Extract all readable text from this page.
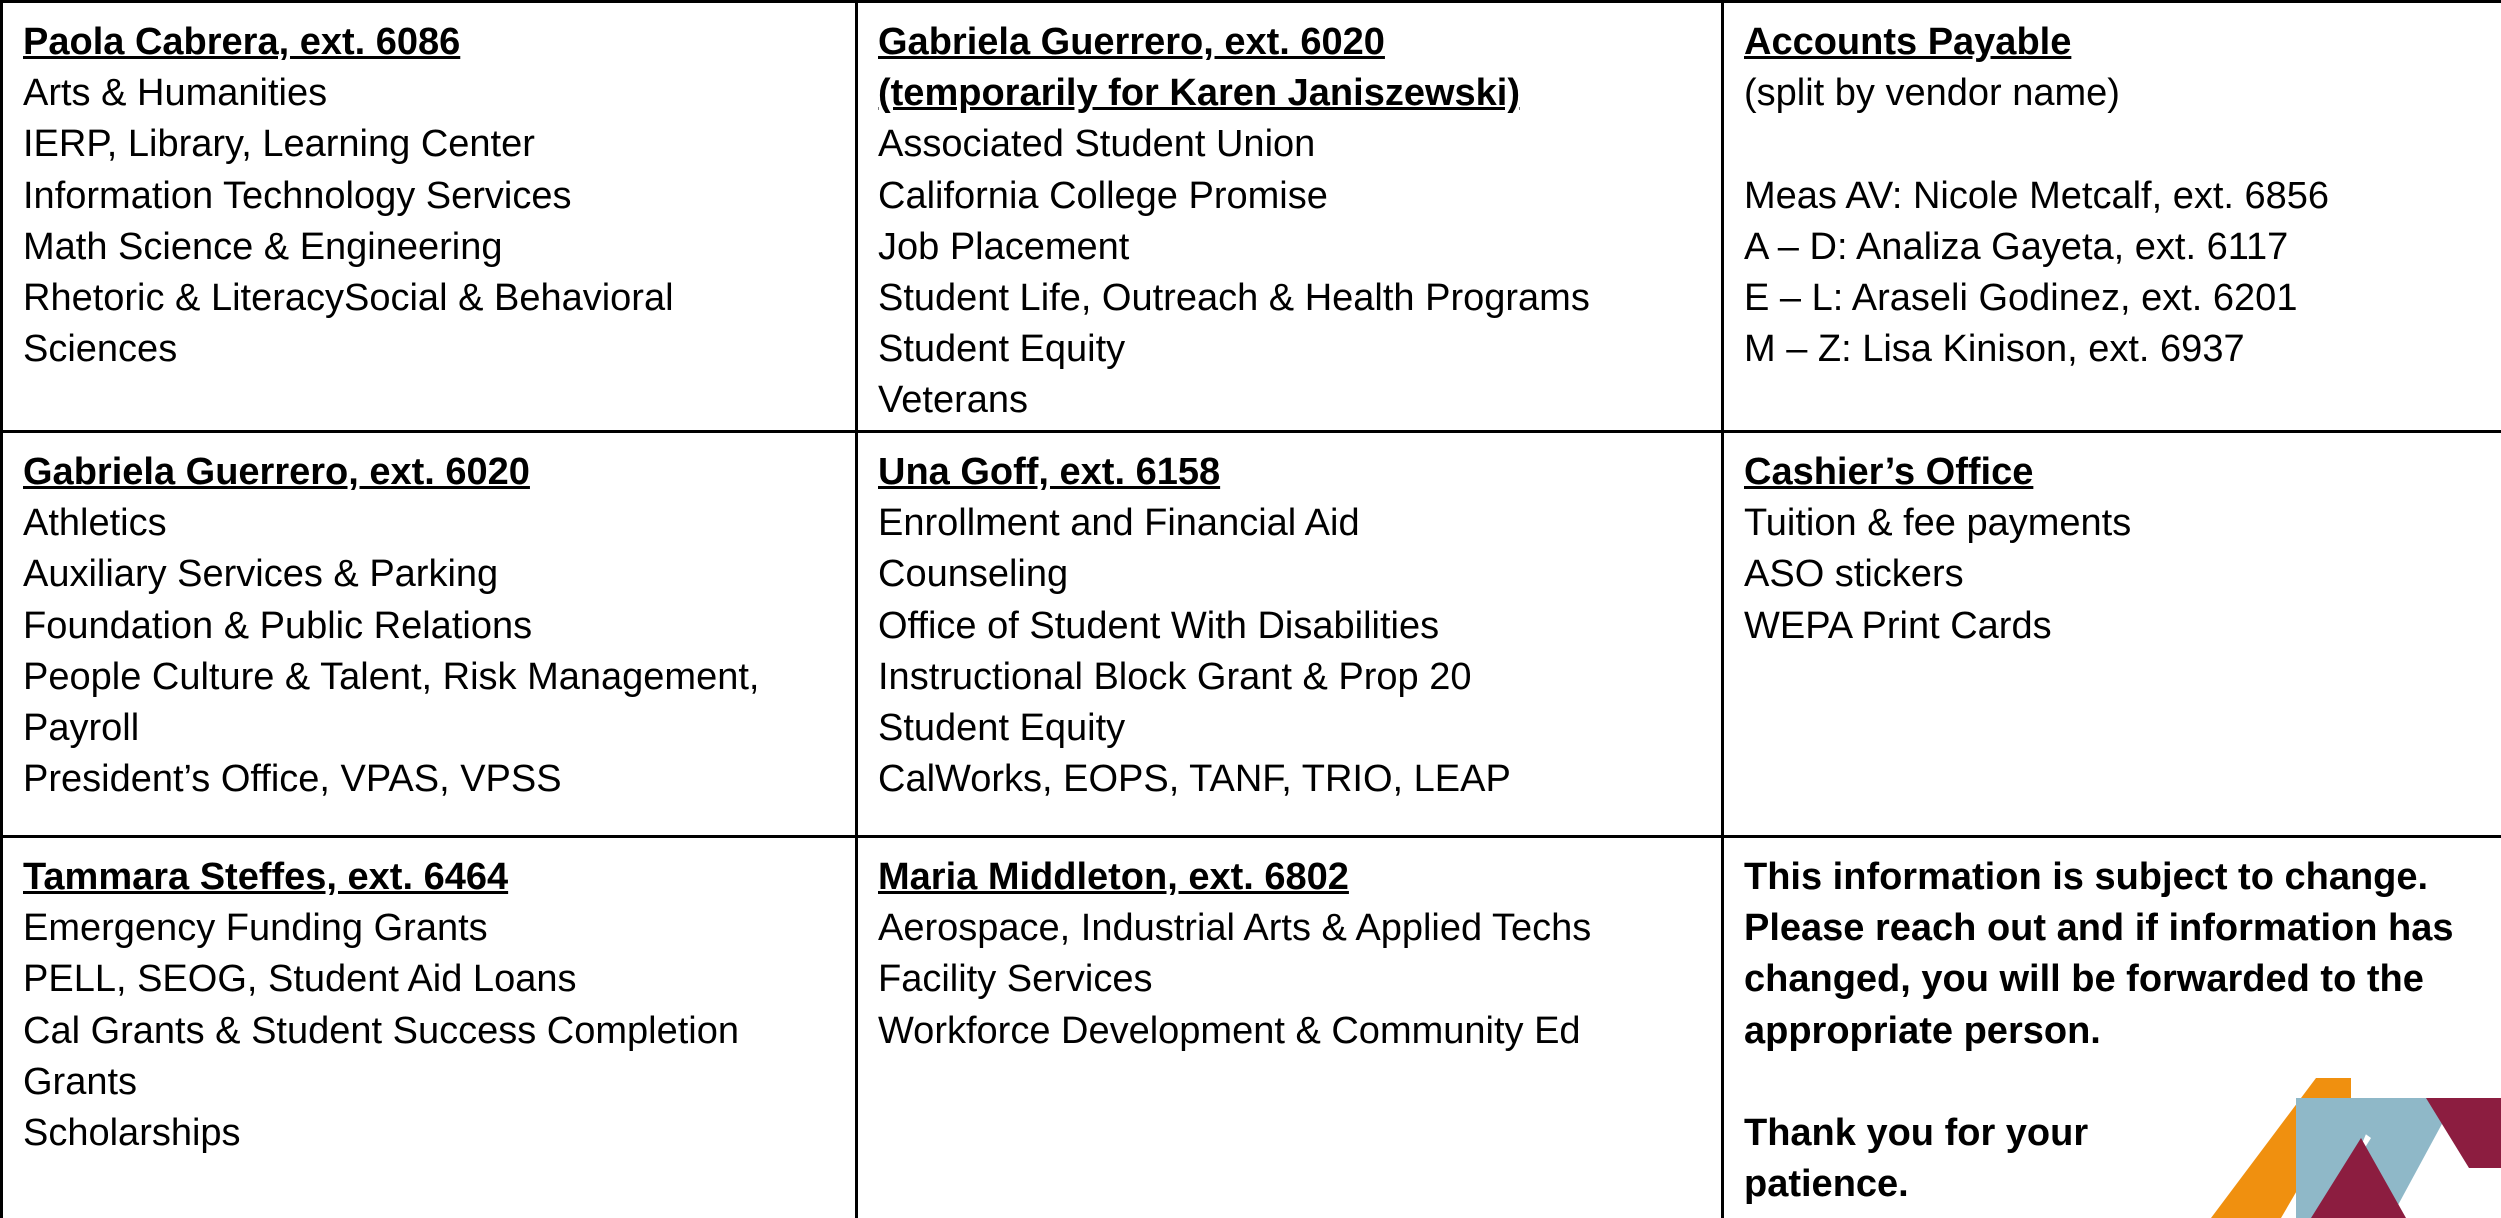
Paola Cabrera, ext. 6086
Arts & Humanities
IERP, Library, Learning Center
Information Technology Services
Math Science & Engineering
Rhetoric & LiteracySocial & Behavioral
Sciences
Gabriela Guerrero, ext. 6020
(temporarily for Karen Janiszewski)
Associated Student Union
California College Promise
Job Placement
Student Life, Outreach & Health Programs
Student Equity
Veterans
Accounts Payable
(split by vendor name)
Meas AV: Nicole Metcalf, ext. 6856
A – D: Analiza Gayeta, ext. 6117
E – L: Araseli Godinez, ext. 6201
M – Z: Lisa Kinison, ext. 6937
Gabriela Guerrero, ext. 6020
Athletics
Auxiliary Services & Parking
Foundation & Public Relations
People Culture & Talent, Risk Management,
Payroll
President’s Office, VPAS, VPSS
Una Goff, ext. 6158
Enrollment and Financial Aid
Counseling
Office of Student With Disabilities
Instructional Block Grant & Prop 20
Student Equity
CalWorks, EOPS, TANF, TRIO, LEAP
Cashier’s Office
Tuition & fee payments
ASO stickers
WEPA Print Cards
Tammara Steffes, ext. 6464
Emergency Funding Grants
PELL, SEOG, Student Aid Loans
Cal Grants & Student Success Completion
Grants
Scholarships
Maria Middleton, ext. 6802
Aerospace, Industrial Arts & Applied Techs
Facility Services
Workforce Development & Community Ed
This information is subject to change.
Please reach out and if information has
changed, you will be forwarded to the
appropriate person.
Thank you for your
patience.
